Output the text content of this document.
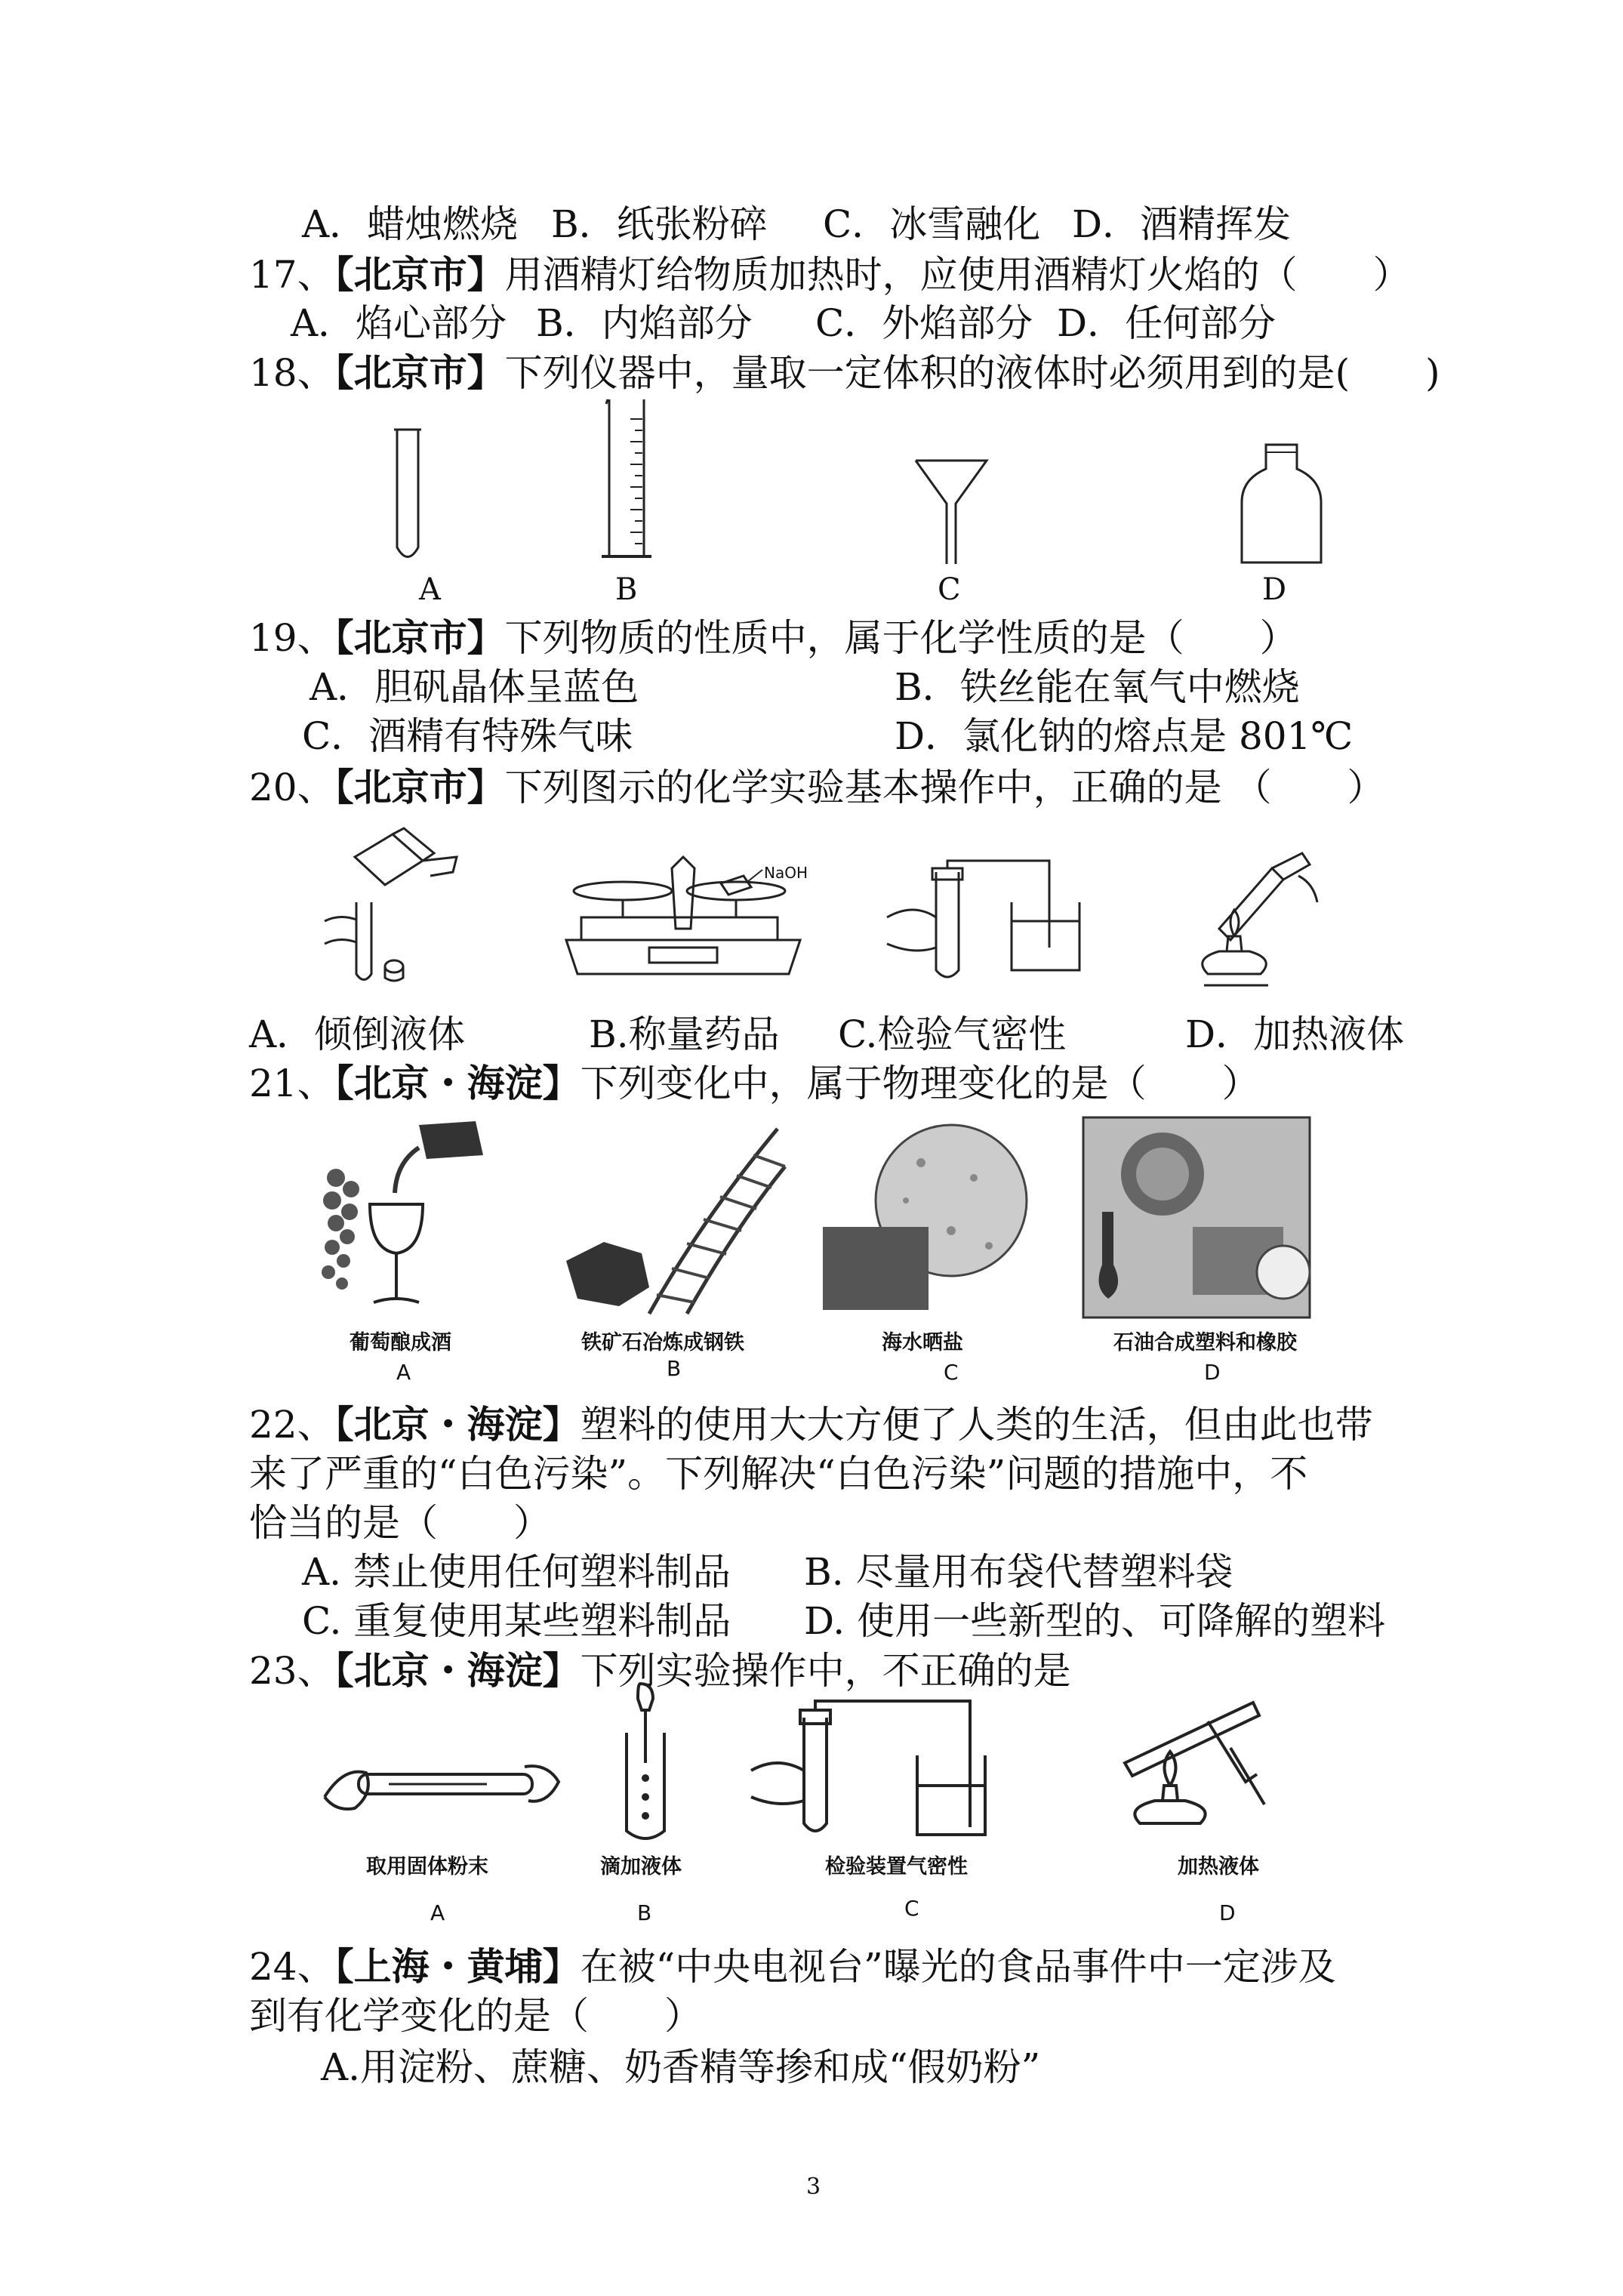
A．蜡烛燃烧 B．纸张粉碎 C．冰雪融化 D．酒精挥发
17、【北京市】用酒精灯给物质加热时，应使用酒精灯火焰的（　　）
A．焰心部分 B．内焰部分 C．外焰部分 D．任何部分
18、【北京市】下列仪器中，量取一定体积的液体时必须用到的是(　　)
A	B	C	D
19、【北京市】下列物质的性质中，属于化学性质的是（　　）
A．胆矾晶体呈蓝色	B．铁丝能在氧气中燃烧
C．酒精有特殊气味	D．氯化钠的熔点是 801℃
20、【北京市】下列图示的化学实验基本操作中，正确的是 （　　）
NaOH
A．倾倒液体	B.称量药品 C.检验气密性	D．加热液体
21、【北京・海淀】下列变化中，属于物理变化的是（　　）
葡萄酿成酒	铁矿石冶炼成钢铁	海水晒盐	石油合成塑料和橡胶
A	B	C	D
22、【北京・海淀】塑料的使用大大方便了人类的生活，但由此也带
来了严重的“白色污染”。下列解决“白色污染”问题的措施中，不
恰当的是（　　）
A. 禁止使用任何塑料制品 B. 尽量用布袋代替塑料袋
C. 重复使用某些塑料制品 D. 使用一些新型的、可降解的塑料
23、【北京・海淀】下列实验操作中，不正确的是
取用固体粉末	滴加液体	检验装置气密性	加热液体
A	B	C	D
24、【上海・黄埔】在被“中央电视台”曝光的食品事件中一定涉及
到有化学变化的是（　　）
A.用淀粉、蔗糖、奶香精等掺和成“假奶粉”
3
